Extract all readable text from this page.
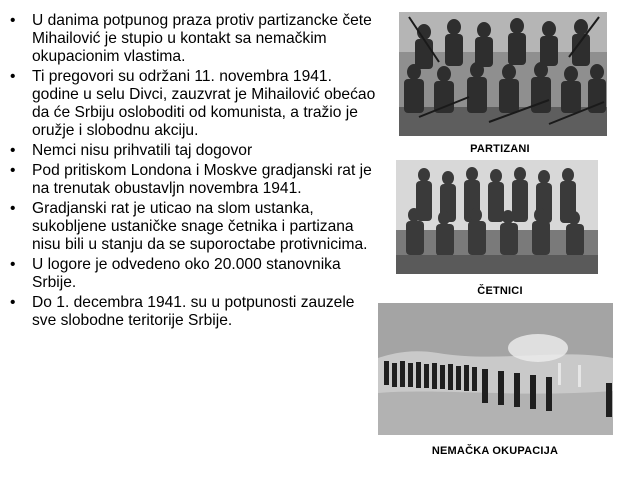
• U danima potpunog praza protiv partizancke čete Mihailović je stupio u kontakt sa nemačkim okupacionim vlastima.
• Ti pregovori su održani 11. novembra 1941. godine u selu Divci, zauzvrat je Mihailović obećao da će Srbiju osloboditi od komunista, a tražio je oružje i slobodnu akciju.
• Nemci nisu prihvatili taj dogovor
• Pod pritiskom Londona i Moskve gradjanski rat je na trenutak obustavljn novembra 1941.
• Gradjanski rat je uticao na slom ustanka, sukobljene ustaničke snage četnika i partizana nisu bili u stanju da se suporoctabe protivnicima.
• U logore je odvedeno oko 20.000 stanovnika Srbije.
• Do 1. decembra 1941. su u potpunosti zauzele sve slobodne teritorije Srbije.
PARTIZANI
ČETNICI
NEMAČKA OKUPACIJA
